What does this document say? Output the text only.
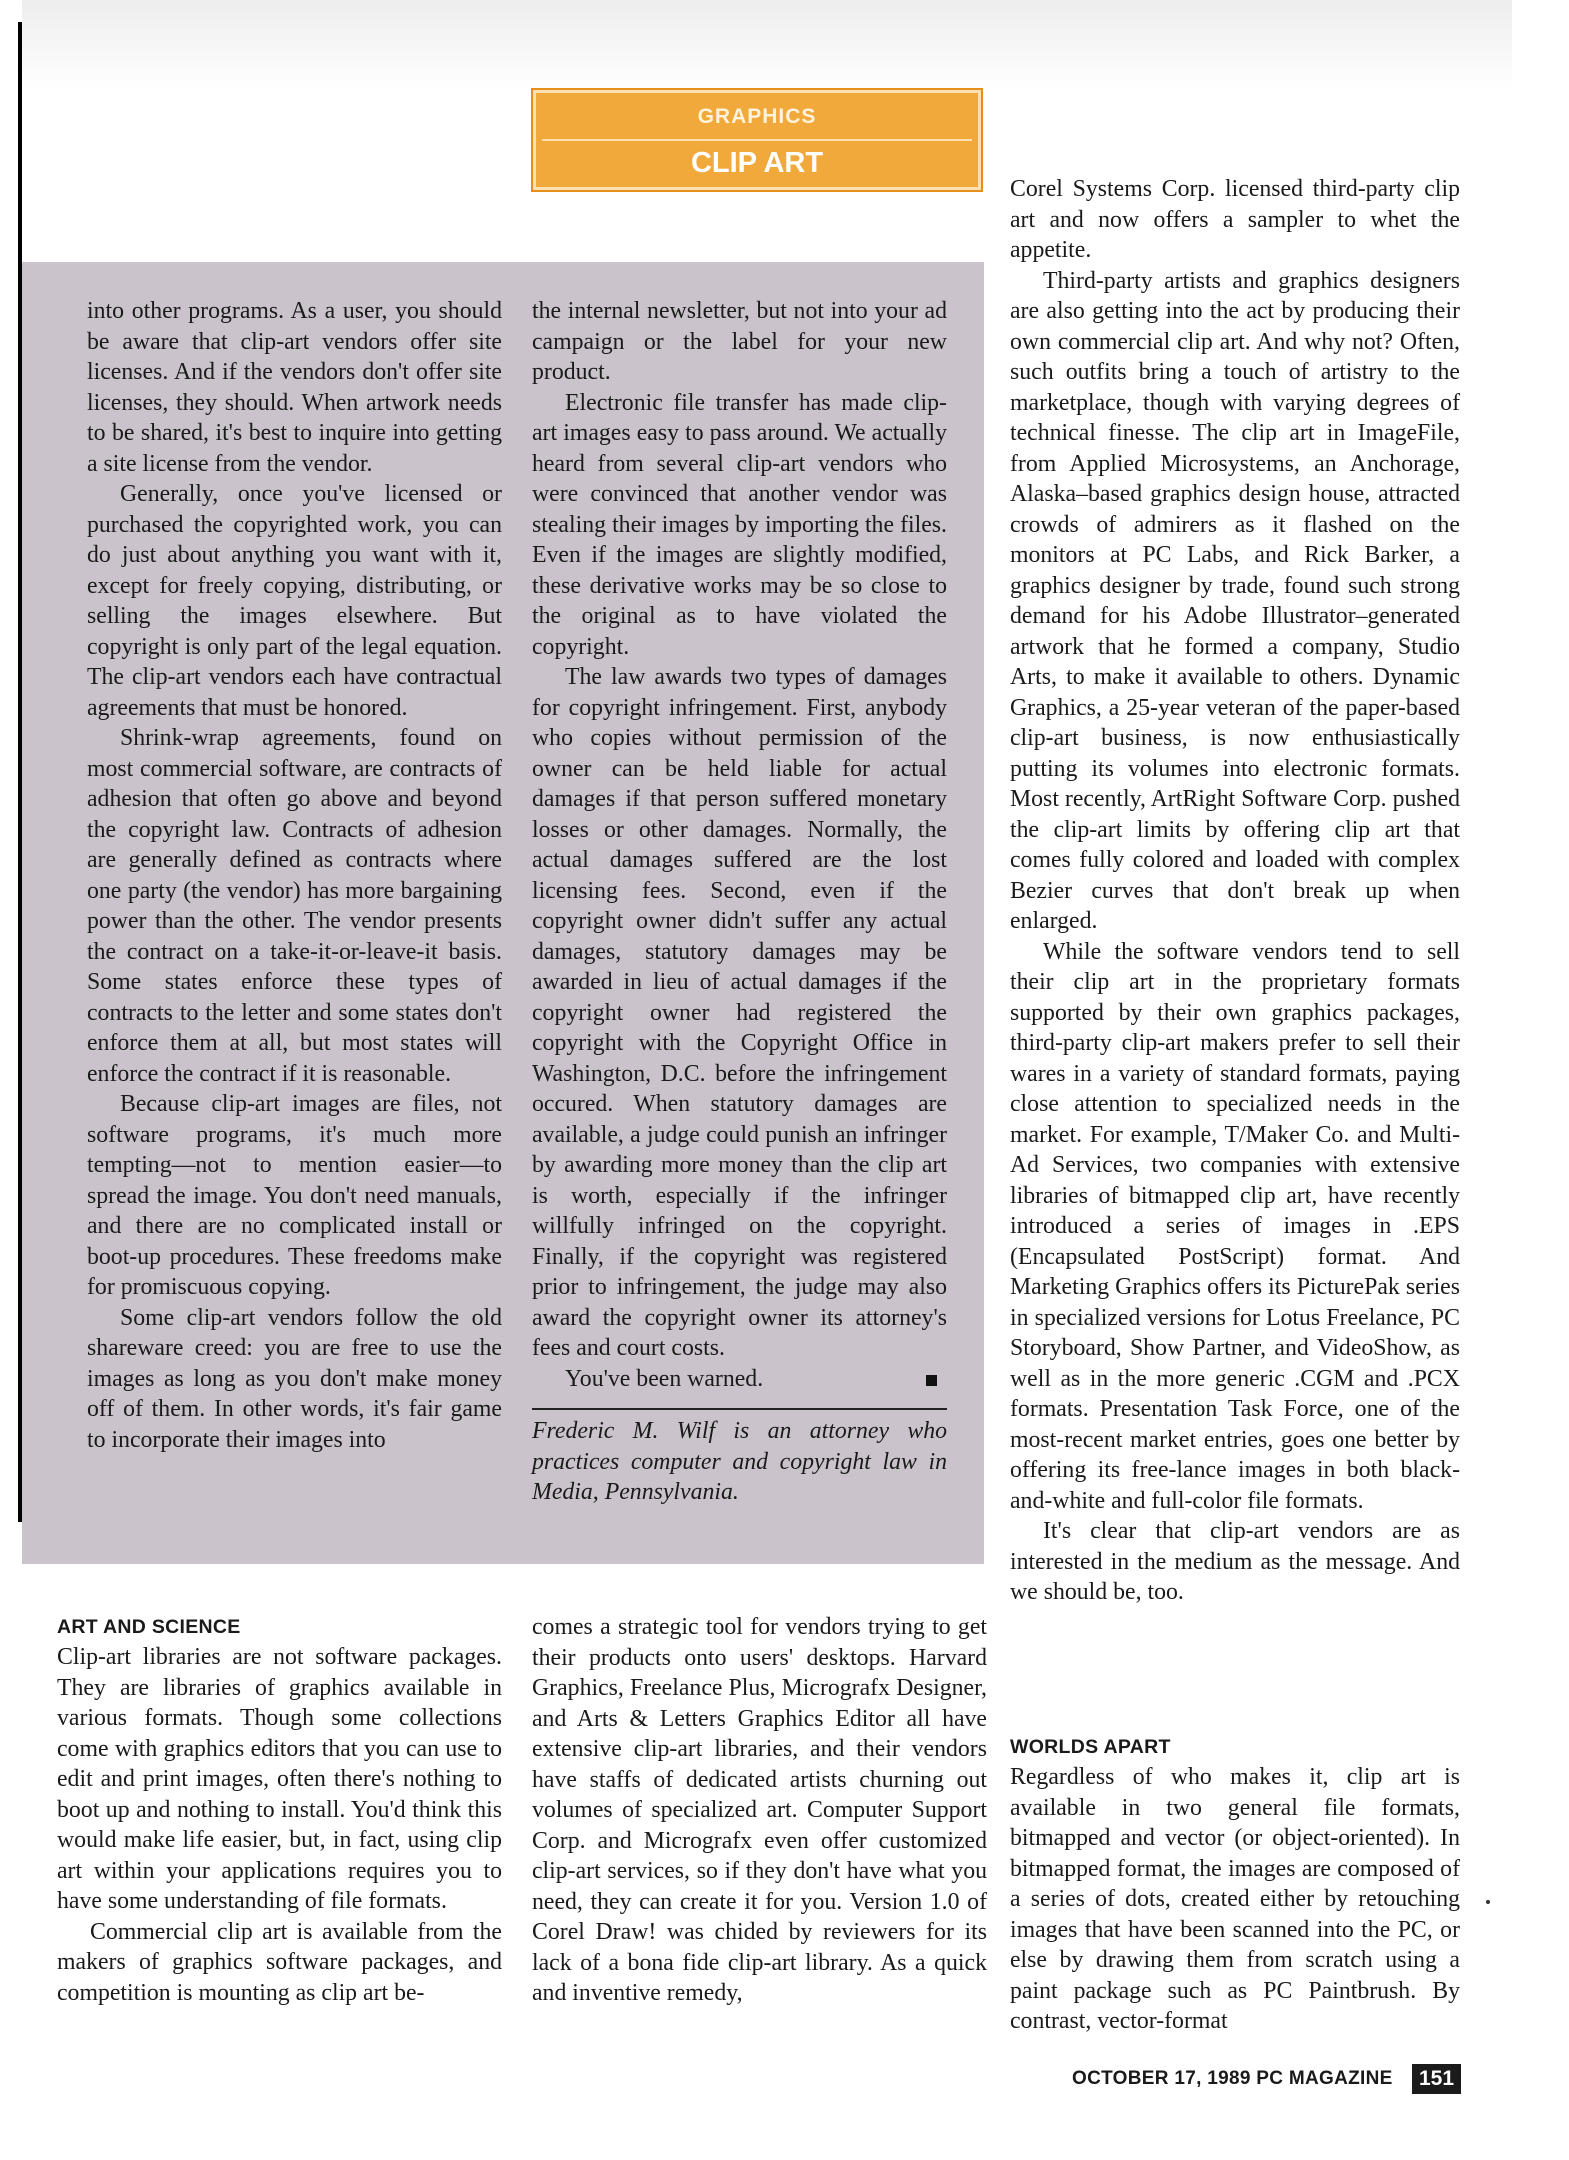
GRAPHICS
CLIP ART

into other programs. As a user, you should be aware that clip-art vendors offer site licenses. And if the vendors don't offer site licenses, they should. When artwork needs to be shared, it's best to inquire into getting a site license from the vendor.

Generally, once you've licensed or purchased the copyrighted work, you can do just about anything you want with it, except for freely copying, distributing, or selling the images elsewhere. But copyright is only part of the legal equation. The clip-art vendors each have contractual agreements that must be honored.

Shrink-wrap agreements, found on most commercial software, are contracts of adhesion that often go above and beyond the copyright law. Contracts of adhesion are generally defined as contracts where one party (the vendor) has more bargaining power than the other. The vendor presents the contract on a take-it-or-leave-it basis. Some states enforce these types of contracts to the letter and some states don't enforce them at all, but most states will enforce the contract if it is reasonable.

Because clip-art images are files, not software programs, it's much more tempting—not to mention easier—to spread the image. You don't need manuals, and there are no complicated install or boot-up procedures. These freedoms make for promiscuous copying.

Some clip-art vendors follow the old shareware creed: you are free to use the images as long as you don't make money off of them. In other words, it's fair game to incorporate their images into

the internal newsletter, but not into your ad campaign or the label for your new product.

Electronic file transfer has made clip-art images easy to pass around. We actually heard from several clip-art vendors who were convinced that another vendor was stealing their images by importing the files. Even if the images are slightly modified, these derivative works may be so close to the original as to have violated the copyright.

The law awards two types of damages for copyright infringement. First, anybody who copies without permission of the owner can be held liable for actual damages if that person suffered monetary losses or other damages. Normally, the actual damages suffered are the lost licensing fees. Second, even if the copyright owner didn't suffer any actual damages, statutory damages may be awarded in lieu of actual damages if the copyright owner had registered the copyright with the Copyright Office in Washington, D.C. before the infringement occured. When statutory damages are available, a judge could punish an infringer by awarding more money than the clip art is worth, especially if the infringer willfully infringed on the copyright. Finally, if the copyright was registered prior to infringement, the judge may also award the copyright owner its attorney's fees and court costs.

You've been warned.

Frederic M. Wilf is an attorney who practices computer and copyright law in Media, Pennsylvania.

Corel Systems Corp. licensed third-party clip art and now offers a sampler to whet the appetite.

Third-party artists and graphics designers are also getting into the act by producing their own commercial clip art. And why not? Often, such outfits bring a touch of artistry to the marketplace, though with varying degrees of technical finesse. The clip art in ImageFile, from Applied Microsystems, an Anchorage, Alaska–based graphics design house, attracted crowds of admirers as it flashed on the monitors at PC Labs, and Rick Barker, a graphics designer by trade, found such strong demand for his Adobe Illustrator–generated artwork that he formed a company, Studio Arts, to make it available to others. Dynamic Graphics, a 25-year veteran of the paper-based clip-art business, is now enthusiastically putting its volumes into electronic formats. Most recently, ArtRight Software Corp. pushed the clip-art limits by offering clip art that comes fully colored and loaded with complex Bezier curves that don't break up when enlarged.

While the software vendors tend to sell their clip art in the proprietary formats supported by their own graphics packages, third-party clip-art makers prefer to sell their wares in a variety of standard formats, paying close attention to specialized needs in the market. For example, T/Maker Co. and Multi-Ad Services, two companies with extensive libraries of bitmapped clip art, have recently introduced a series of images in .EPS (Encapsulated PostScript) format. And Marketing Graphics offers its PicturePak series in specialized versions for Lotus Freelance, PC Storyboard, Show Partner, and VideoShow, as well as in the more generic .CGM and .PCX formats. Presentation Task Force, one of the most-recent market entries, goes one better by offering its free-lance images in both black-and-white and full-color file formats.

It's clear that clip-art vendors are as interested in the medium as the message. And we should be, too.

ART AND SCIENCE

Clip-art libraries are not software packages. They are libraries of graphics available in various formats. Though some collections come with graphics editors that you can use to edit and print images, often there's nothing to boot up and nothing to install. You'd think this would make life easier, but, in fact, using clip art within your applications requires you to have some understanding of file formats.

Commercial clip art is available from the makers of graphics software packages, and competition is mounting as clip art be-

comes a strategic tool for vendors trying to get their products onto users' desktops. Harvard Graphics, Freelance Plus, Micrografx Designer, and Arts & Letters Graphics Editor all have extensive clip-art libraries, and their vendors have staffs of dedicated artists churning out volumes of specialized art. Computer Support Corp. and Micrografx even offer customized clip-art services, so if they don't have what you need, they can create it for you. Version 1.0 of Corel Draw! was chided by reviewers for its lack of a bona fide clip-art library. As a quick and inventive remedy,

WORLDS APART

Regardless of who makes it, clip art is available in two general file formats, bitmapped and vector (or object-oriented). In bitmapped format, the images are composed of a series of dots, created either by retouching images that have been scanned into the PC, or else by drawing them from scratch using a paint package such as PC Paintbrush. By contrast, vector-format

OCTOBER 17, 1989 PC MAGAZINE	151
